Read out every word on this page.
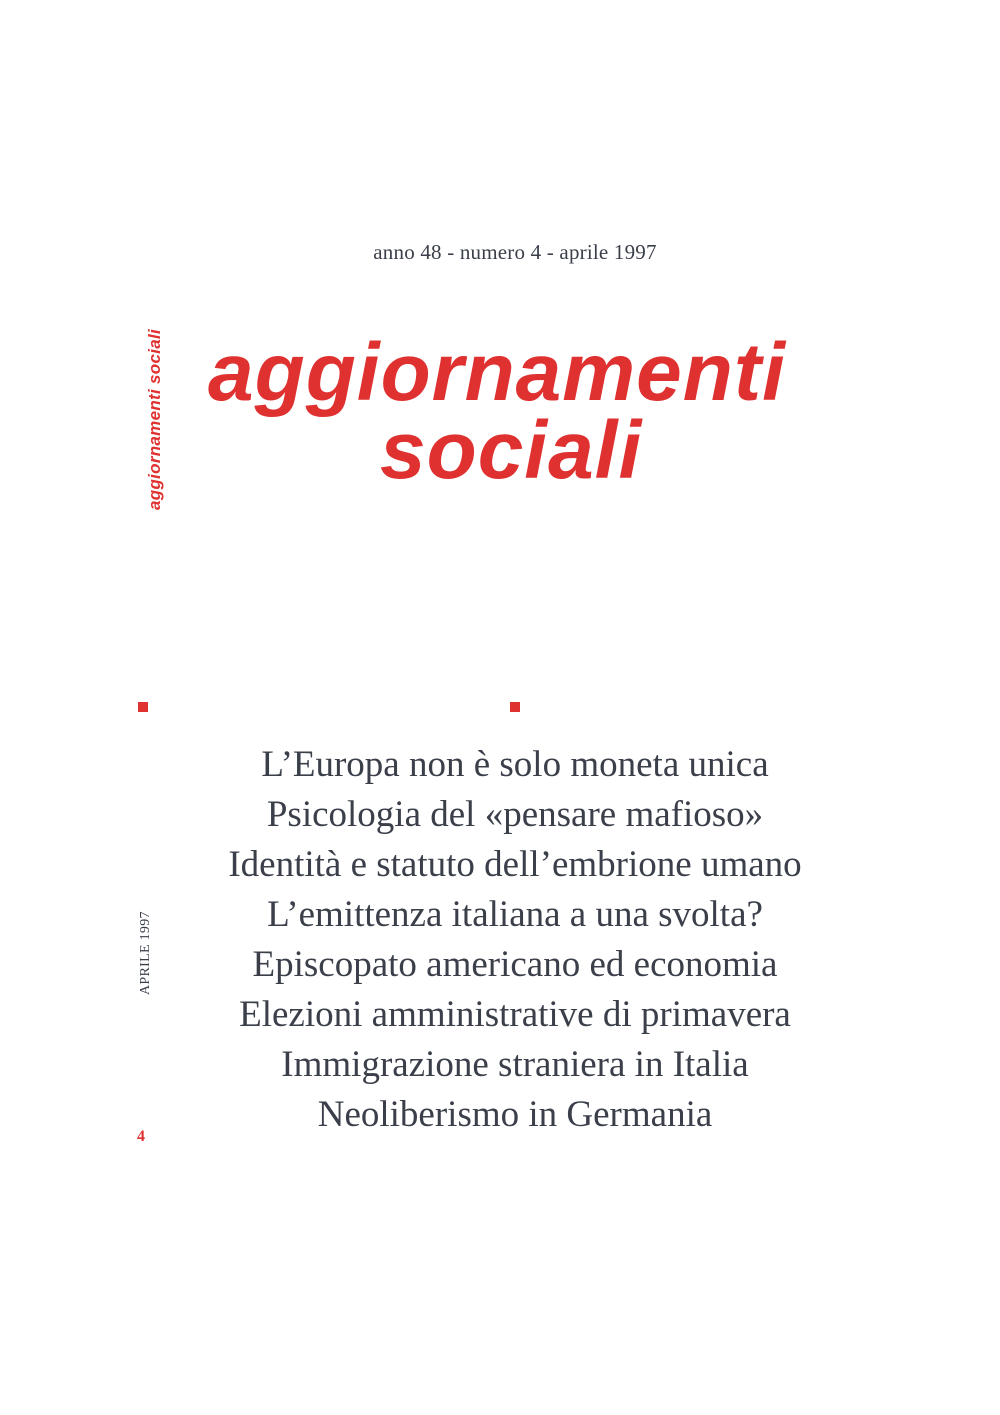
anno 48 - numero 4 - aprile 1997
aggiornamenti
sociali
aggiornamenti sociali
L’Europa non è solo moneta unica
Psicologia del «pensare mafioso»
Identità e statuto dell’embrione umano
L’emittenza italiana a una svolta?
Episcopato americano ed economia
Elezioni amministrative di primavera
Immigrazione straniera in Italia
Neoliberismo in Germania
APRILE 1997
4
